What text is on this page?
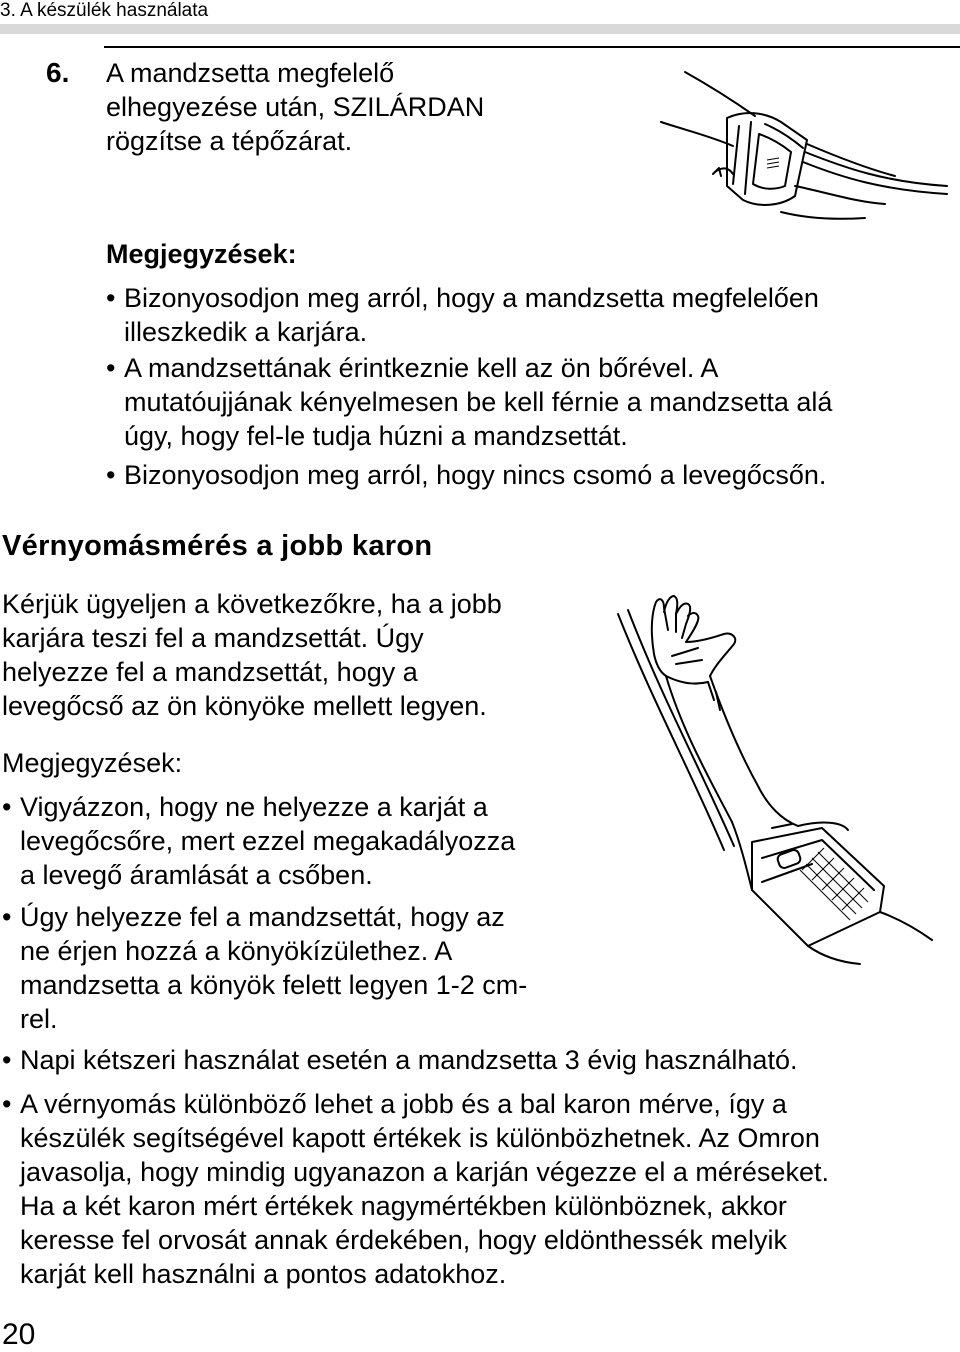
3. A készülék használata
6. A mandzsetta megfelelő
elhegyezése után, SZILÁRDAN
rögzítse a tépőzárat.
Megjegyzések:
• Bizonyosodjon meg arról, hogy a mandzsetta megfelelően
illeszkedik a karjára.
• A mandzsettának érintkeznie kell az ön bőrével. A
mutatóujjának kényelmesen be kell férnie a mandzsetta alá
úgy, hogy fel-le tudja húzni a mandzsettát.
• Bizonyosodjon meg arról, hogy nincs csomó a levegőcsőn.
Vérnyomásmérés a jobb karon
Kérjük ügyeljen a következőkre, ha a jobb
karjára teszi fel a mandzsettát. Úgy
helyezze fel a mandzsettát, hogy a
levegőcső az ön könyöke mellett legyen.
Megjegyzések:
• Vigyázzon, hogy ne helyezze a karját a
levegőcsőre, mert ezzel megakadályozza
a levegő áramlását a csőben.
• Úgy helyezze fel a mandzsettát, hogy az
ne érjen hozzá a könyökízülethez. A
mandzsetta a könyök felett legyen 1-2 cm-
rel.
• Napi kétszeri használat esetén a mandzsetta 3 évig használható.
• A vérnyomás különböző lehet a jobb és a bal karon mérve, így a
készülék segítségével kapott értékek is különbözhetnek. Az Omron
javasolja, hogy mindig ugyanazon a karján végezze el a méréseket.
Ha a két karon mért értékek nagymértékben különböznek, akkor
keresse fel orvosát annak érdekében, hogy eldönthessék melyik
karját kell használni a pontos adatokhoz.
20
